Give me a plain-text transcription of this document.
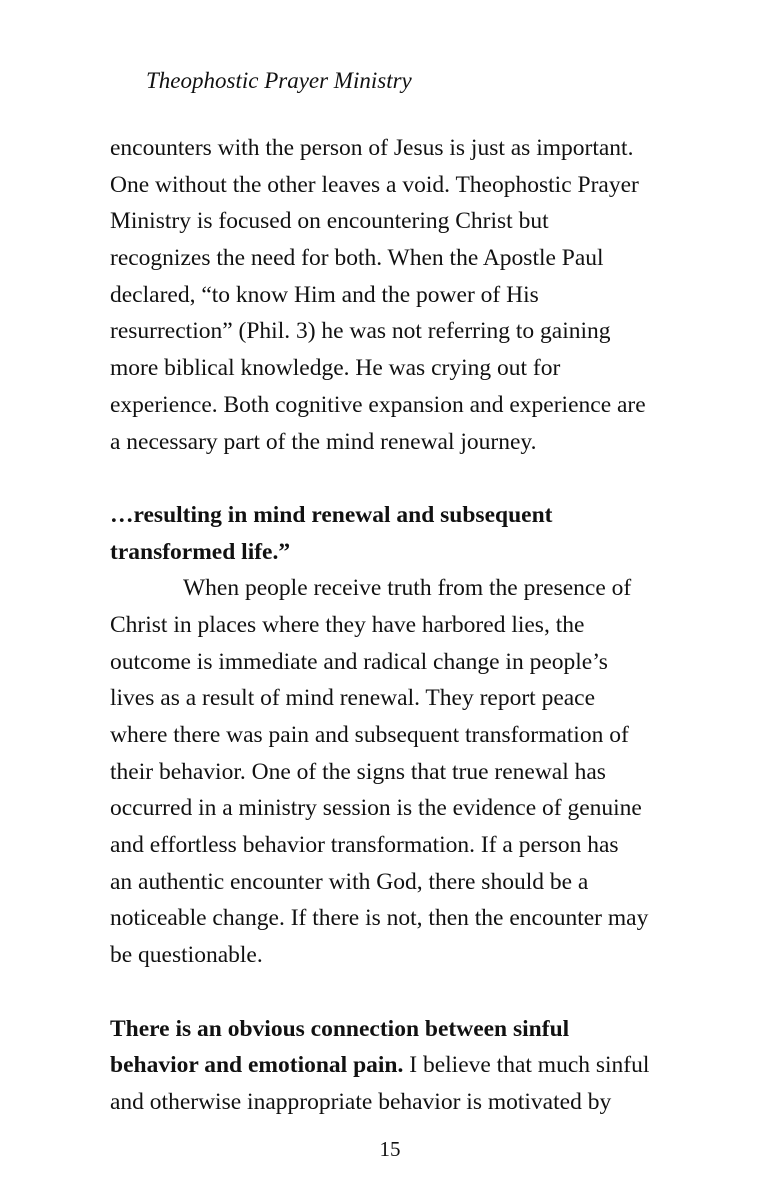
Theophostic Prayer Ministry
encounters with the person of Jesus is just as important.
One without the other leaves a void. Theophostic Prayer
Ministry is focused on encountering Christ but
recognizes the need for both. When the Apostle Paul
declared, “to know Him and the power of His
resurrection” (Phil. 3) he was not referring to gaining
more biblical knowledge. He was crying out for
experience. Both cognitive expansion and experience are
a necessary part of the mind renewal journey.
…resulting in mind renewal and subsequent
transformed life.”
When people receive truth from the presence of
Christ in places where they have harbored lies, the
outcome is immediate and radical change in people’s
lives as a result of mind renewal. They report peace
where there was pain and subsequent transformation of
their behavior. One of the signs that true renewal has
occurred in a ministry session is the evidence of genuine
and effortless behavior transformation. If a person has
an authentic encounter with God, there should be a
noticeable change. If there is not, then the encounter may
be questionable.
There is an obvious connection between sinful
behavior and emotional pain. I believe that much sinful
and otherwise inappropriate behavior is motivated by
15
